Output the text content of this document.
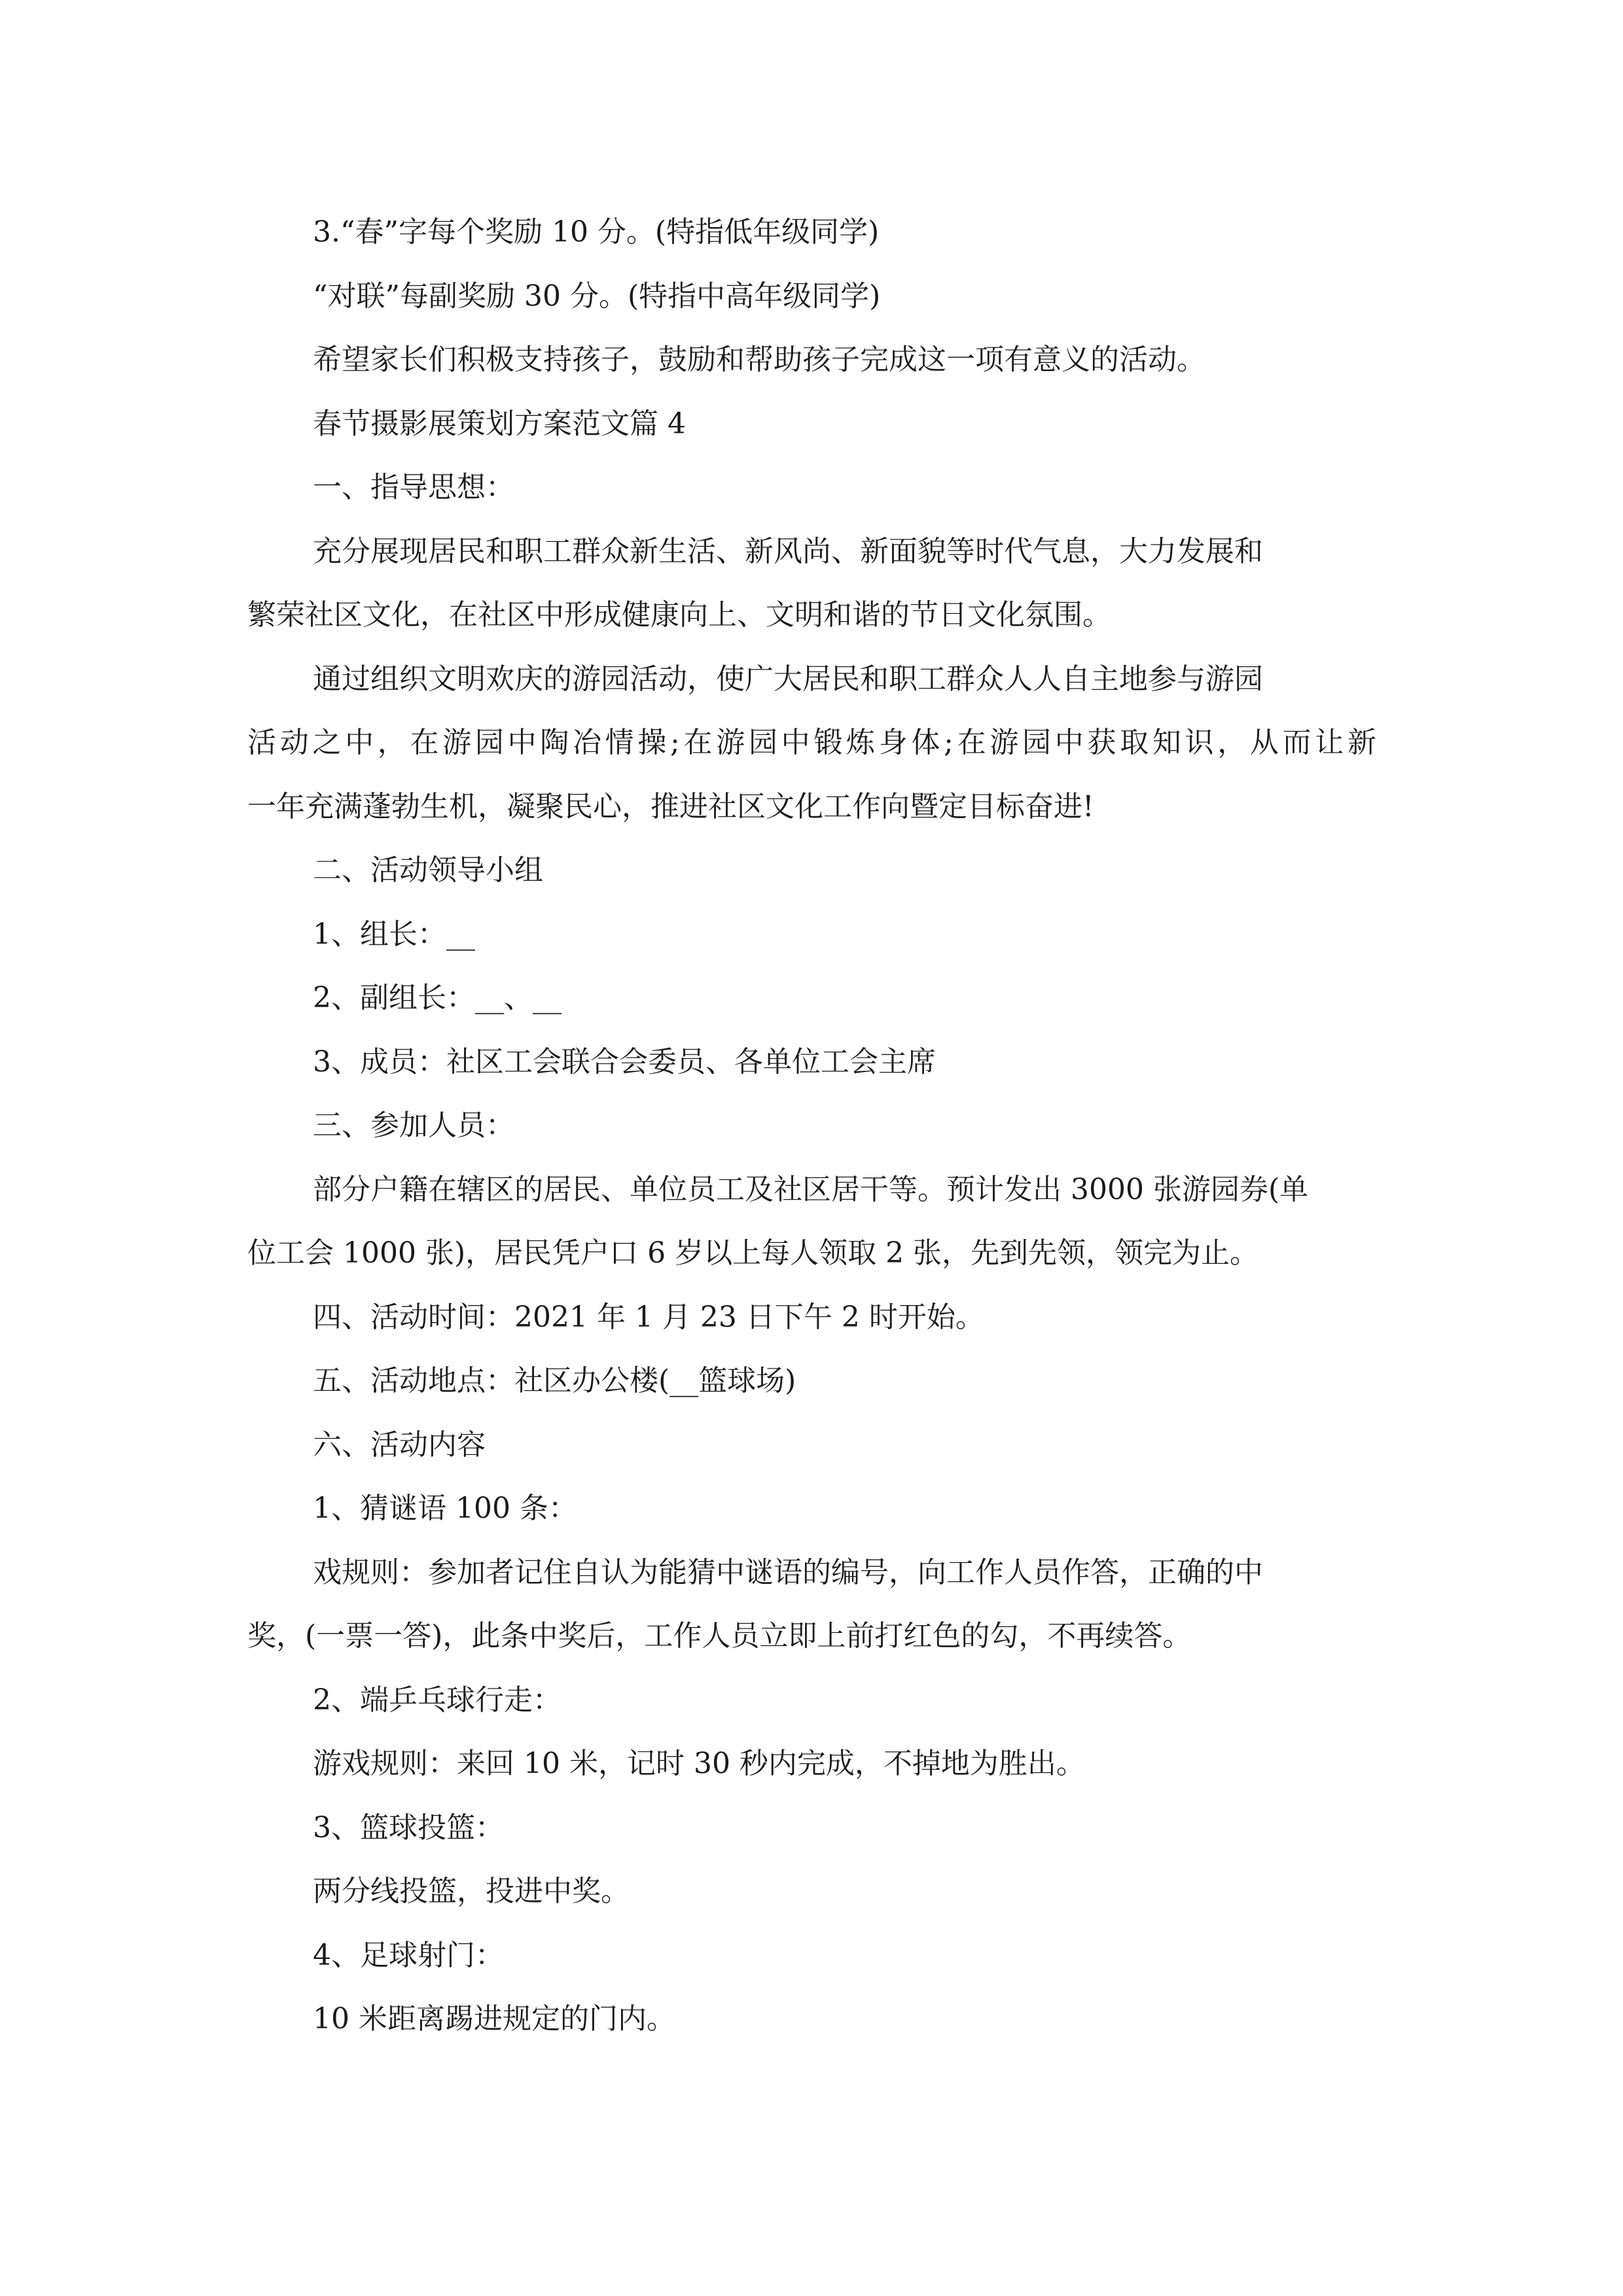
3.“春”字每个奖励 10 分。(特指低年级同学)

“对联”每副奖励 30 分。(特指中高年级同学)

希望家长们积极支持孩子，鼓励和帮助孩子完成这一项有意义的活动。

春节摄影展策划方案范文篇 4

一、指导思想：

充分展现居民和职工群众新生活、新风尚、新面貌等时代气息，大力发展和

繁荣社区文化，在社区中形成健康向上、文明和谐的节日文化氛围。

通过组织文明欢庆的游园活动，使广大居民和职工群众人人自主地参与游园

活动之中，在游园中陶冶情操;在游园中锻炼身体;在游园中获取知识，从而让新

一年充满蓬勃生机，凝聚民心，推进社区文化工作向暨定目标奋进!

二、活动领导小组

1、组长：__

2、副组长：__、__

3、成员：社区工会联合会委员、各单位工会主席

三、参加人员：

部分户籍在辖区的居民、单位员工及社区居干等。预计发出 3000 张游园券(单

位工会 1000 张)，居民凭户口 6 岁以上每人领取 2 张，先到先领，领完为止。

四、活动时间：2021 年 1 月 23 日下午 2 时开始。

五、活动地点：社区办公楼(__篮球场)

六、活动内容

1、猜谜语 100 条：

戏规则：参加者记住自认为能猜中谜语的编号，向工作人员作答，正确的中

奖，(一票一答)，此条中奖后，工作人员立即上前打红色的勾，不再续答。

2、端乒乓球行走：

游戏规则：来回 10 米，记时 30 秒内完成，不掉地为胜出。

3、篮球投篮：

两分线投篮，投进中奖。

4、足球射门：

10 米距离踢进规定的门内。
